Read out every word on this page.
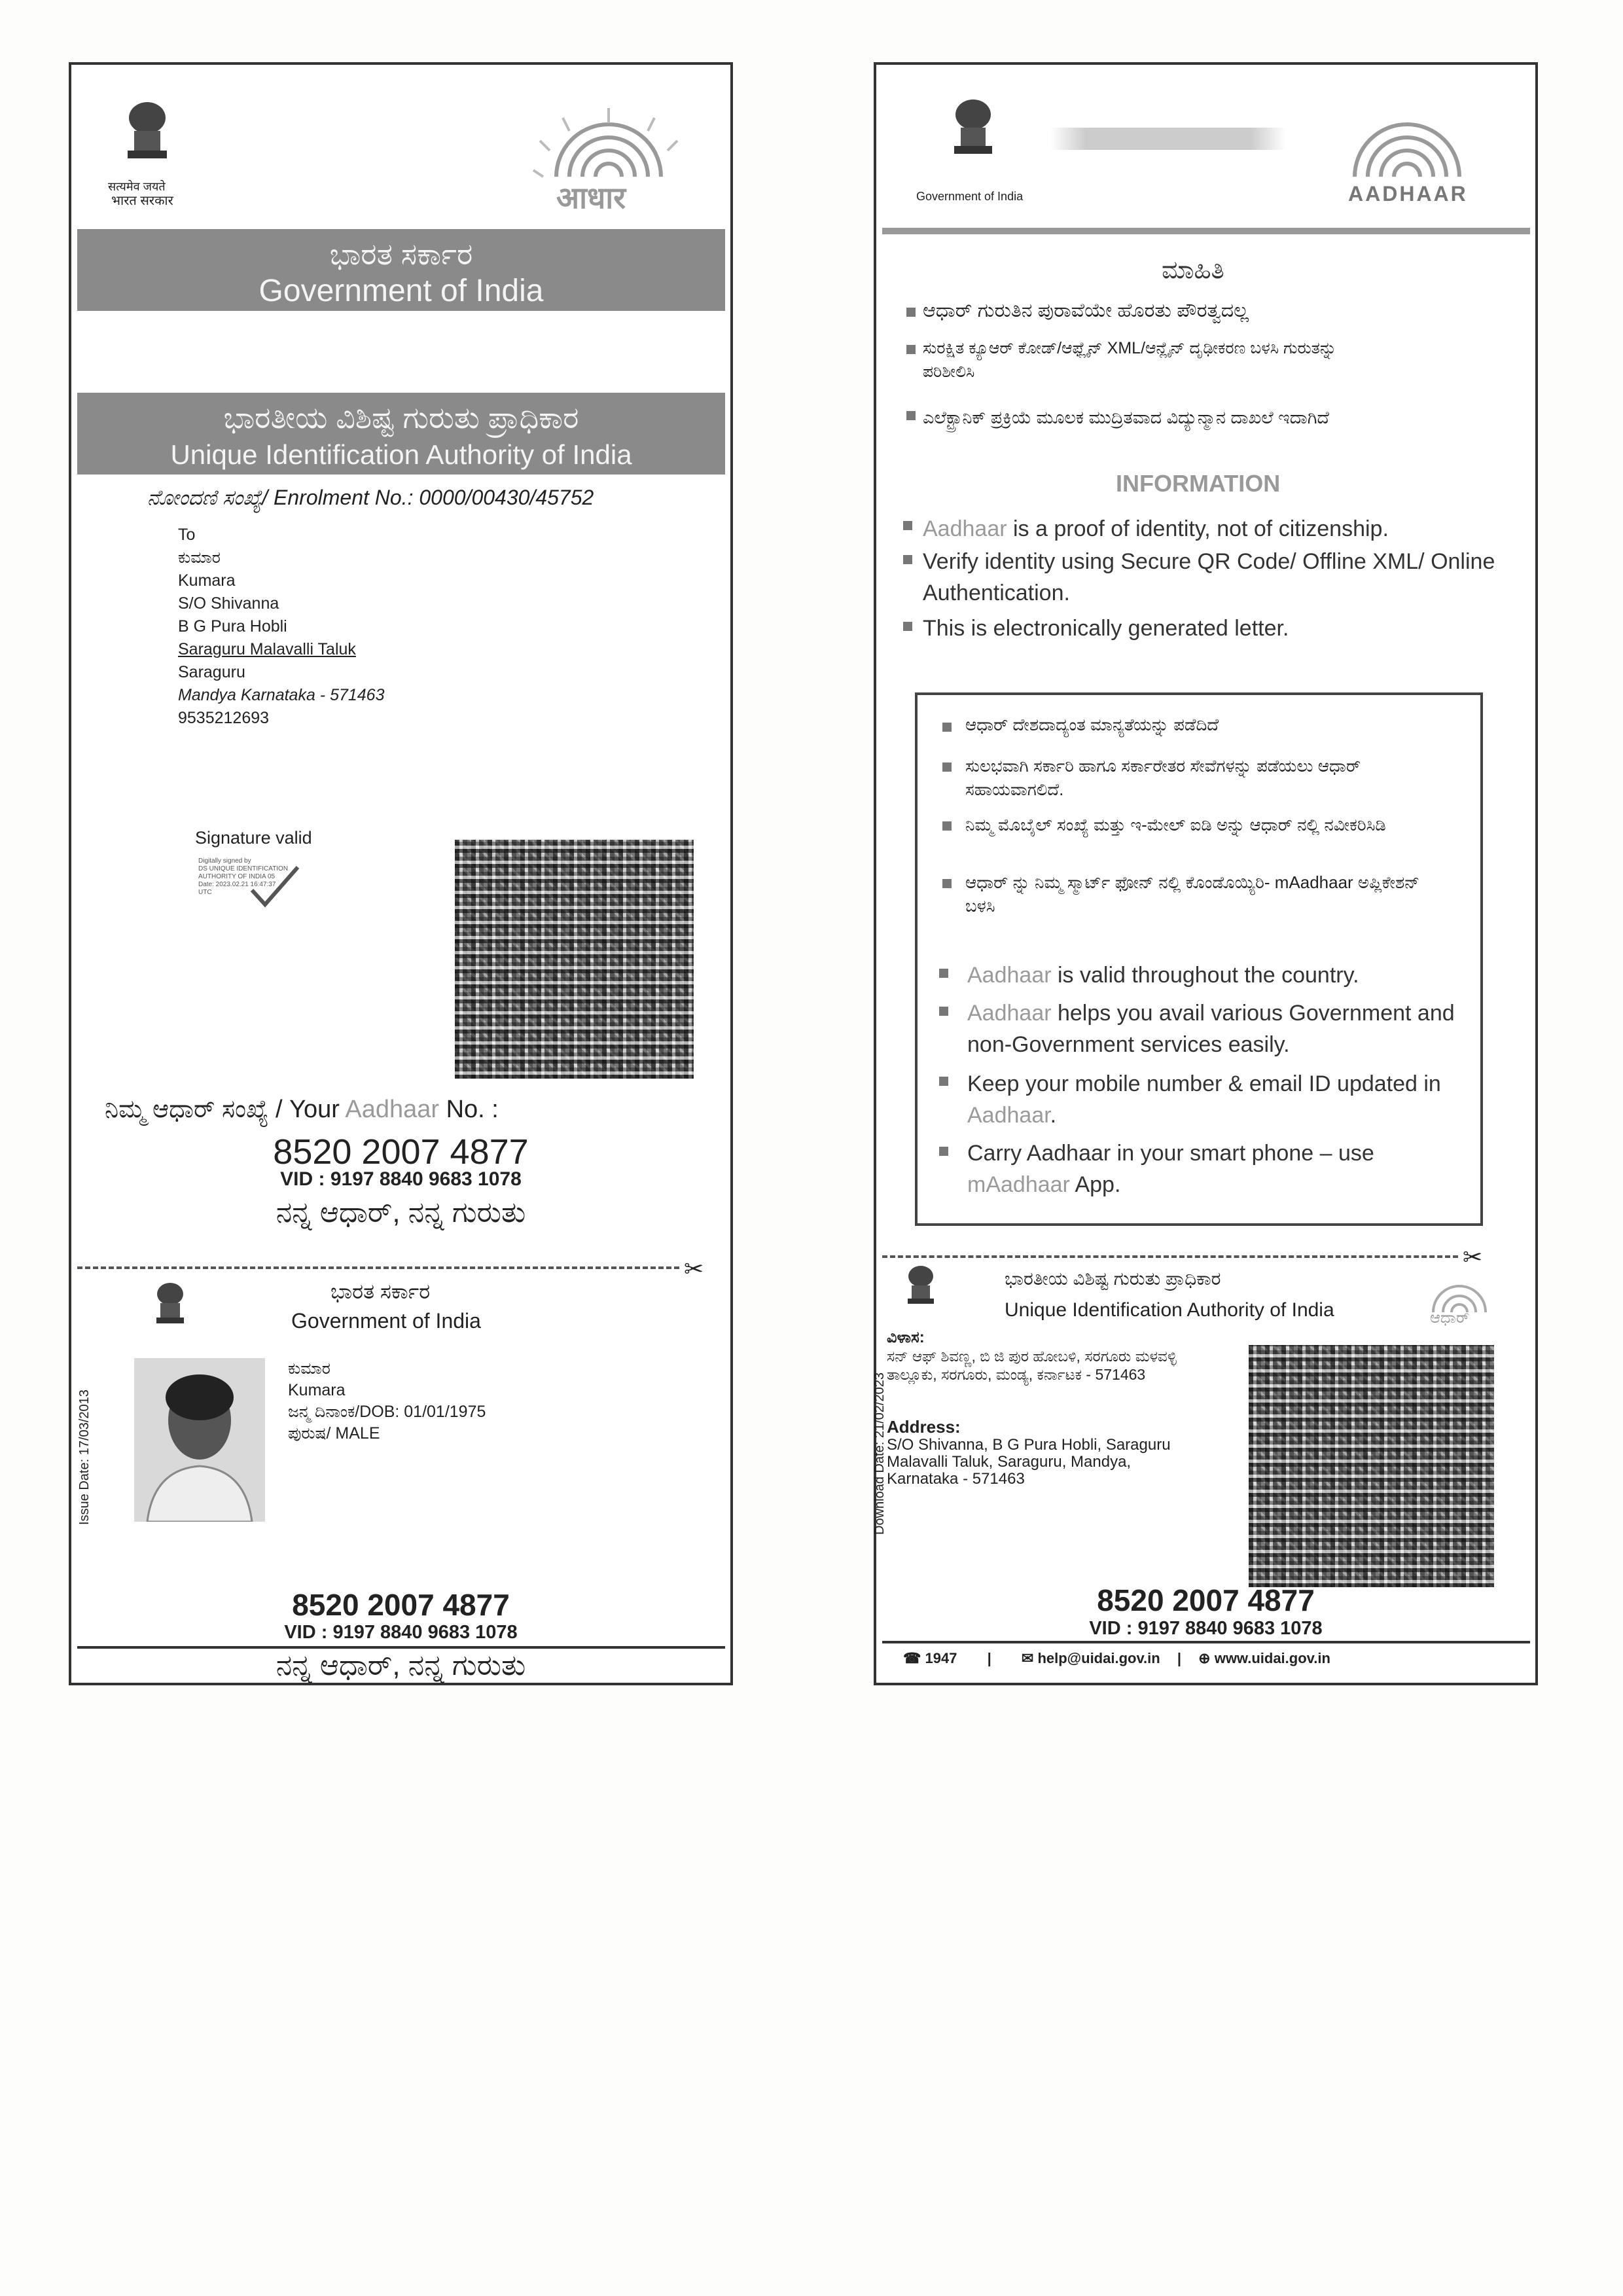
सत्यमेव जयते
भारत सरकार	आधार
ಭಾರತ ಸರ್ಕಾರ
Government of India
ಭಾರತೀಯ ವಿಶಿಷ್ಟ ಗುರುತು ಪ್ರಾಧಿಕಾರ
Unique Identification Authority of India
ನೋಂದಣಿ ಸಂಖ್ಯೆ/ Enrolment No.: 0000/00430/45752
To
ಕುಮಾರ
Kumara
S/O Shivanna
B G Pura Hobli
Saraguru Malavalli Taluk
Saraguru
Mandya Karnataka - 571463
9535212693
Signature valid
Digitally signed by
DS UNIQUE IDENTIFICATION
AUTHORITY OF INDIA 05
Date: 2023.02.21 16:47:37
UTC
ನಿಮ್ಮ ಆಧಾರ್ ಸಂಖ್ಯೆ / Your Aadhaar No. :
8520 2007 4877
VID : 9197 8840 9683 1078
ನನ್ನ ಆಧಾರ್, ನನ್ನ ಗುರುತು
✂
ಭಾರತ ಸರ್ಕಾರ
Government of India
Issue Date: 17/03/2013
ಕುಮಾರ
Kumara
ಜನ್ಮ ದಿನಾಂಕ/DOB: 01/01/1975
ಪುರುಷ/ MALE
8520 2007 4877
VID : 9197 8840 9683 1078
ನನ್ನ ಆಧಾರ್, ನನ್ನ ಗುರುತು
Government of India	AADHAAR
ಮಾಹಿತಿ
ಆಧಾರ್ ಗುರುತಿನ ಪುರಾವೆಯೇ ಹೊರತು ಪೌರತ್ವದಲ್ಲ
ಸುರಕ್ಷಿತ ಕ್ಯೂಆರ್ ಕೋಡ್/ಆಫ್ಲೈನ್ XML/ಆನ್ಲೈನ್ ದೃಢೀಕರಣ ಬಳಸಿ ಗುರುತನ್ನು ಪರಿಶೀಲಿಸಿ
ಎಲೆಕ್ಟ್ರಾನಿಕ್ ಪ್ರಕ್ರಿಯೆ ಮೂಲಕ ಮುದ್ರಿತವಾದ ವಿದ್ಯುನ್ಮಾನ ದಾಖಲೆ ಇದಾಗಿದೆ
INFORMATION
Aadhaar is a proof of identity, not of citizenship.
Verify identity using Secure QR Code/ Offline XML/ Online Authentication.
This is electronically generated letter.
ಆಧಾರ್ ದೇಶದಾದ್ಯಂತ ಮಾನ್ಯತೆಯನ್ನು ಪಡೆದಿದೆ
ಸುಲಭವಾಗಿ ಸರ್ಕಾರಿ ಹಾಗೂ ಸರ್ಕಾರೇತರ ಸೇವೆಗಳನ್ನು ಪಡೆಯಲು ಆಧಾರ್ ಸಹಾಯವಾಗಲಿದೆ.
ನಿಮ್ಮ ಮೊಬೈಲ್ ಸಂಖ್ಯೆ ಮತ್ತು ಇ-ಮೇಲ್ ಐಡಿ ಅನ್ನು ಆಧಾರ್ ನಲ್ಲಿ ನವೀಕರಿಸಿಡಿ
ಆಧಾರ್ ನ್ನು ನಿಮ್ಮ ಸ್ಮಾರ್ಟ್ ಫೋನ್ ನಲ್ಲಿ ಕೊಂಡೊಯ್ಯಿರಿ- mAadhaar ಅಪ್ಲಿಕೇಶನ್ ಬಳಸಿ
Aadhaar is valid throughout the country.
Aadhaar helps you avail various Government and non-Government services easily.
Keep your mobile number & email ID updated in Aadhaar.
Carry Aadhaar in your smart phone – use mAadhaar App.
✂
ಭಾರತೀಯ ವಿಶಿಷ್ಟ ಗುರುತು ಪ್ರಾಧಿಕಾರ
Unique Identification Authority of India	ಆಧಾರ್
Download Date: 21/02/2023
ವಿಳಾಸ:
ಸನ್ ಆಫ್ ಶಿವಣ್ಣ, ಬಿ ಜಿ ಪುರ ಹೋಬಳಿ, ಸರಗೂರು ಮಳವಳ್ಳಿ ತಾಲ್ಲೂಕು, ಸರಗೂರು, ಮಂಡ್ಯ, ಕರ್ನಾಟಕ - 571463
Address:
S/O Shivanna, B G Pura Hobli, Saraguru Malavalli Taluk, Saraguru, Mandya, Karnataka - 571463
8520 2007 4877
VID : 9197 8840 9683 1078
☎ 1947 | ✉ help@uidai.gov.in | ⊕ www.uidai.gov.in
